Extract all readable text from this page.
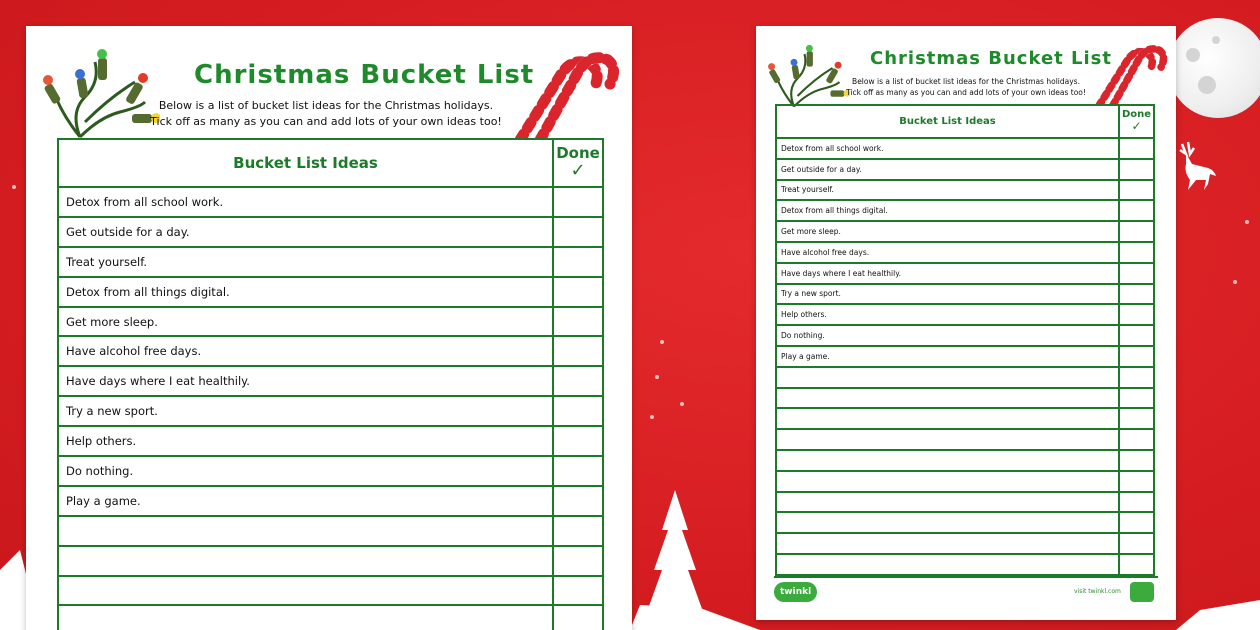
Christmas Bucket List
Below is a list of bucket list ideas for the Christmas holidays.
Tick off as many as you can and add lots of your own ideas too!
Bucket List Ideas	Done
✓

Detox from all school work.	
Get outside for a day.	
Treat yourself.	
Detox from all things digital.	
Get more sleep.	
Have alcohol free days.	
Have days where I eat healthily.	
Try a new sport.	
Help others.	
Do nothing.	
Play a game.	

Christmas Bucket List
Below is a list of bucket list ideas for the Christmas holidays.
Tick off as many as you can and add lots of your own ideas too!
Bucket List Ideas	Done
✓

Detox from all school work.	
Get outside for a day.	
Treat yourself.	
Detox from all things digital.	
Get more sleep.	
Have alcohol free days.	
Have days where I eat healthily.	
Try a new sport.	
Help others.	
Do nothing.	
Play a game.	

twinkl	visit twinkl.com
